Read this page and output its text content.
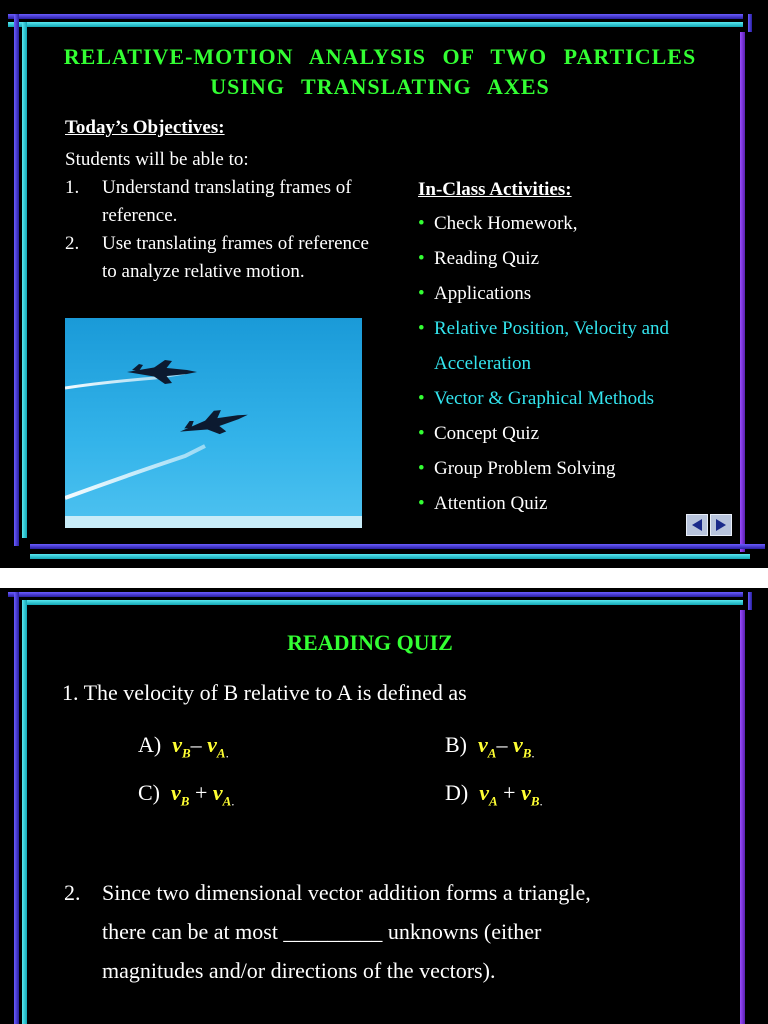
RELATIVE-MOTION ANALYSIS OF TWO PARTICLES
USING TRANSLATING AXES
Today’s Objectives:
Students will be able to:
1. Understand translating frames of reference.
2. Use translating frames of reference to analyze relative motion.
In-Class Activities:
• Check Homework,
• Reading Quiz
• Applications
• Relative Position, Velocity and Acceleration
• Vector & Graphical Methods
• Concept Quiz
• Group Problem Solving
• Attention Quiz
READING QUIZ
1. The velocity of B relative to A is defined as
A) $v_B-$ $v_{A.}$	B) $v_A-$ $v_{B.}$
C) $v_B + v_{A.}$	D) $v_A + v_{B.}$
2. Since two dimensional vector addition forms a triangle,
there can be at most _________ unknowns (either
magnitudes and/or directions of the vectors).
